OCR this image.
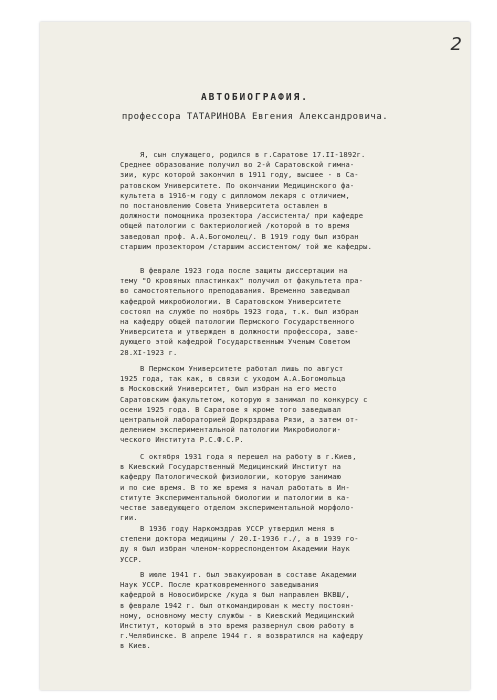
2
АВТОБИОГРАФИЯ.
профессора ТАТАРИНОВА Евгения Александровича.
Я, сын служащего, родился в г.Саратове 17.II-1892г.
Среднее образование получил во 2-й Саратовской гимна-
зии, курс которой закончил в 1911 году, высшее - в Са-
ратовском Университете. По окончании Медицинского фа-
культета в 1916-м году с дипломом лекаря с отличием,
по постановлению Совета Университета оставлен в
должности помощника прозектора /ассистента/ при кафедре
общей патологии с бактериологией /которой в то время
заведовал проф. А.А.Богомолец/. В 1919 году был избран
старшим прозектором /старшим ассистентом/ той же кафедры.
В феврале 1923 года после защиты диссертации на
тему "О кровяных пластинках" получил от факультета пра-
во самостоятельного преподавания. Временно заведывал
кафедрой микробиологии. В Саратовском Университете
состоял на службе по ноябрь 1923 года, т.к. был избран
на кафедру общей патологии Пермского Государственного
Университета и утвержден в должности профессора, заве-
дующего этой кафедрой Государственным Ученым Советом
28.XI-1923 г.
В Пермском Университете работал лишь по август
1925 года, так как, в связи с уходом А.А.Богомольца
в Московский Университет, был избран на его место
Саратовским факультетом, которую я занимал по конкурсу с
осени 1925 года. В Саратове я кроме того заведывал
центральной лабораторией Доркрздрава Рязи, а затем от-
делением экспериментальной патологии Микробиологи-
ческого Института Р.С.Ф.С.Р.
С октября 1931 года я перешел на работу в г.Киев,
в Киевский Государственный Медицинский Институт на
кафедру Патологической физиологии, которую занимаю
и по сие время. В то же время я начал работать в Ин-
ституте Экспериментальной биологии и патологии в ка-
честве заведующего отделом экспериментальной морфоло-
гии.
В 1936 году Наркомздрав УССР утвердил меня в
степени доктора медицины / 20.I-1936 г./, а в 1939 го-
ду я был избран членом-корреспондентом Академии Наук
УССР.
В июле 1941 г. был эвакуирован в составе Академии
Наук УССР. После кратковременного заведывания
кафедрой в Новосибирске /куда я был направлен ВКВШ/,
в феврале 1942 г. был откомандирован к месту постоян-
ному, основному месту службы - в Киевский Медицинский
Институт, который в это время развернул свою работу в
г.Челябинске. В апреле 1944 г. я возвратился на кафедру
в Киев.
